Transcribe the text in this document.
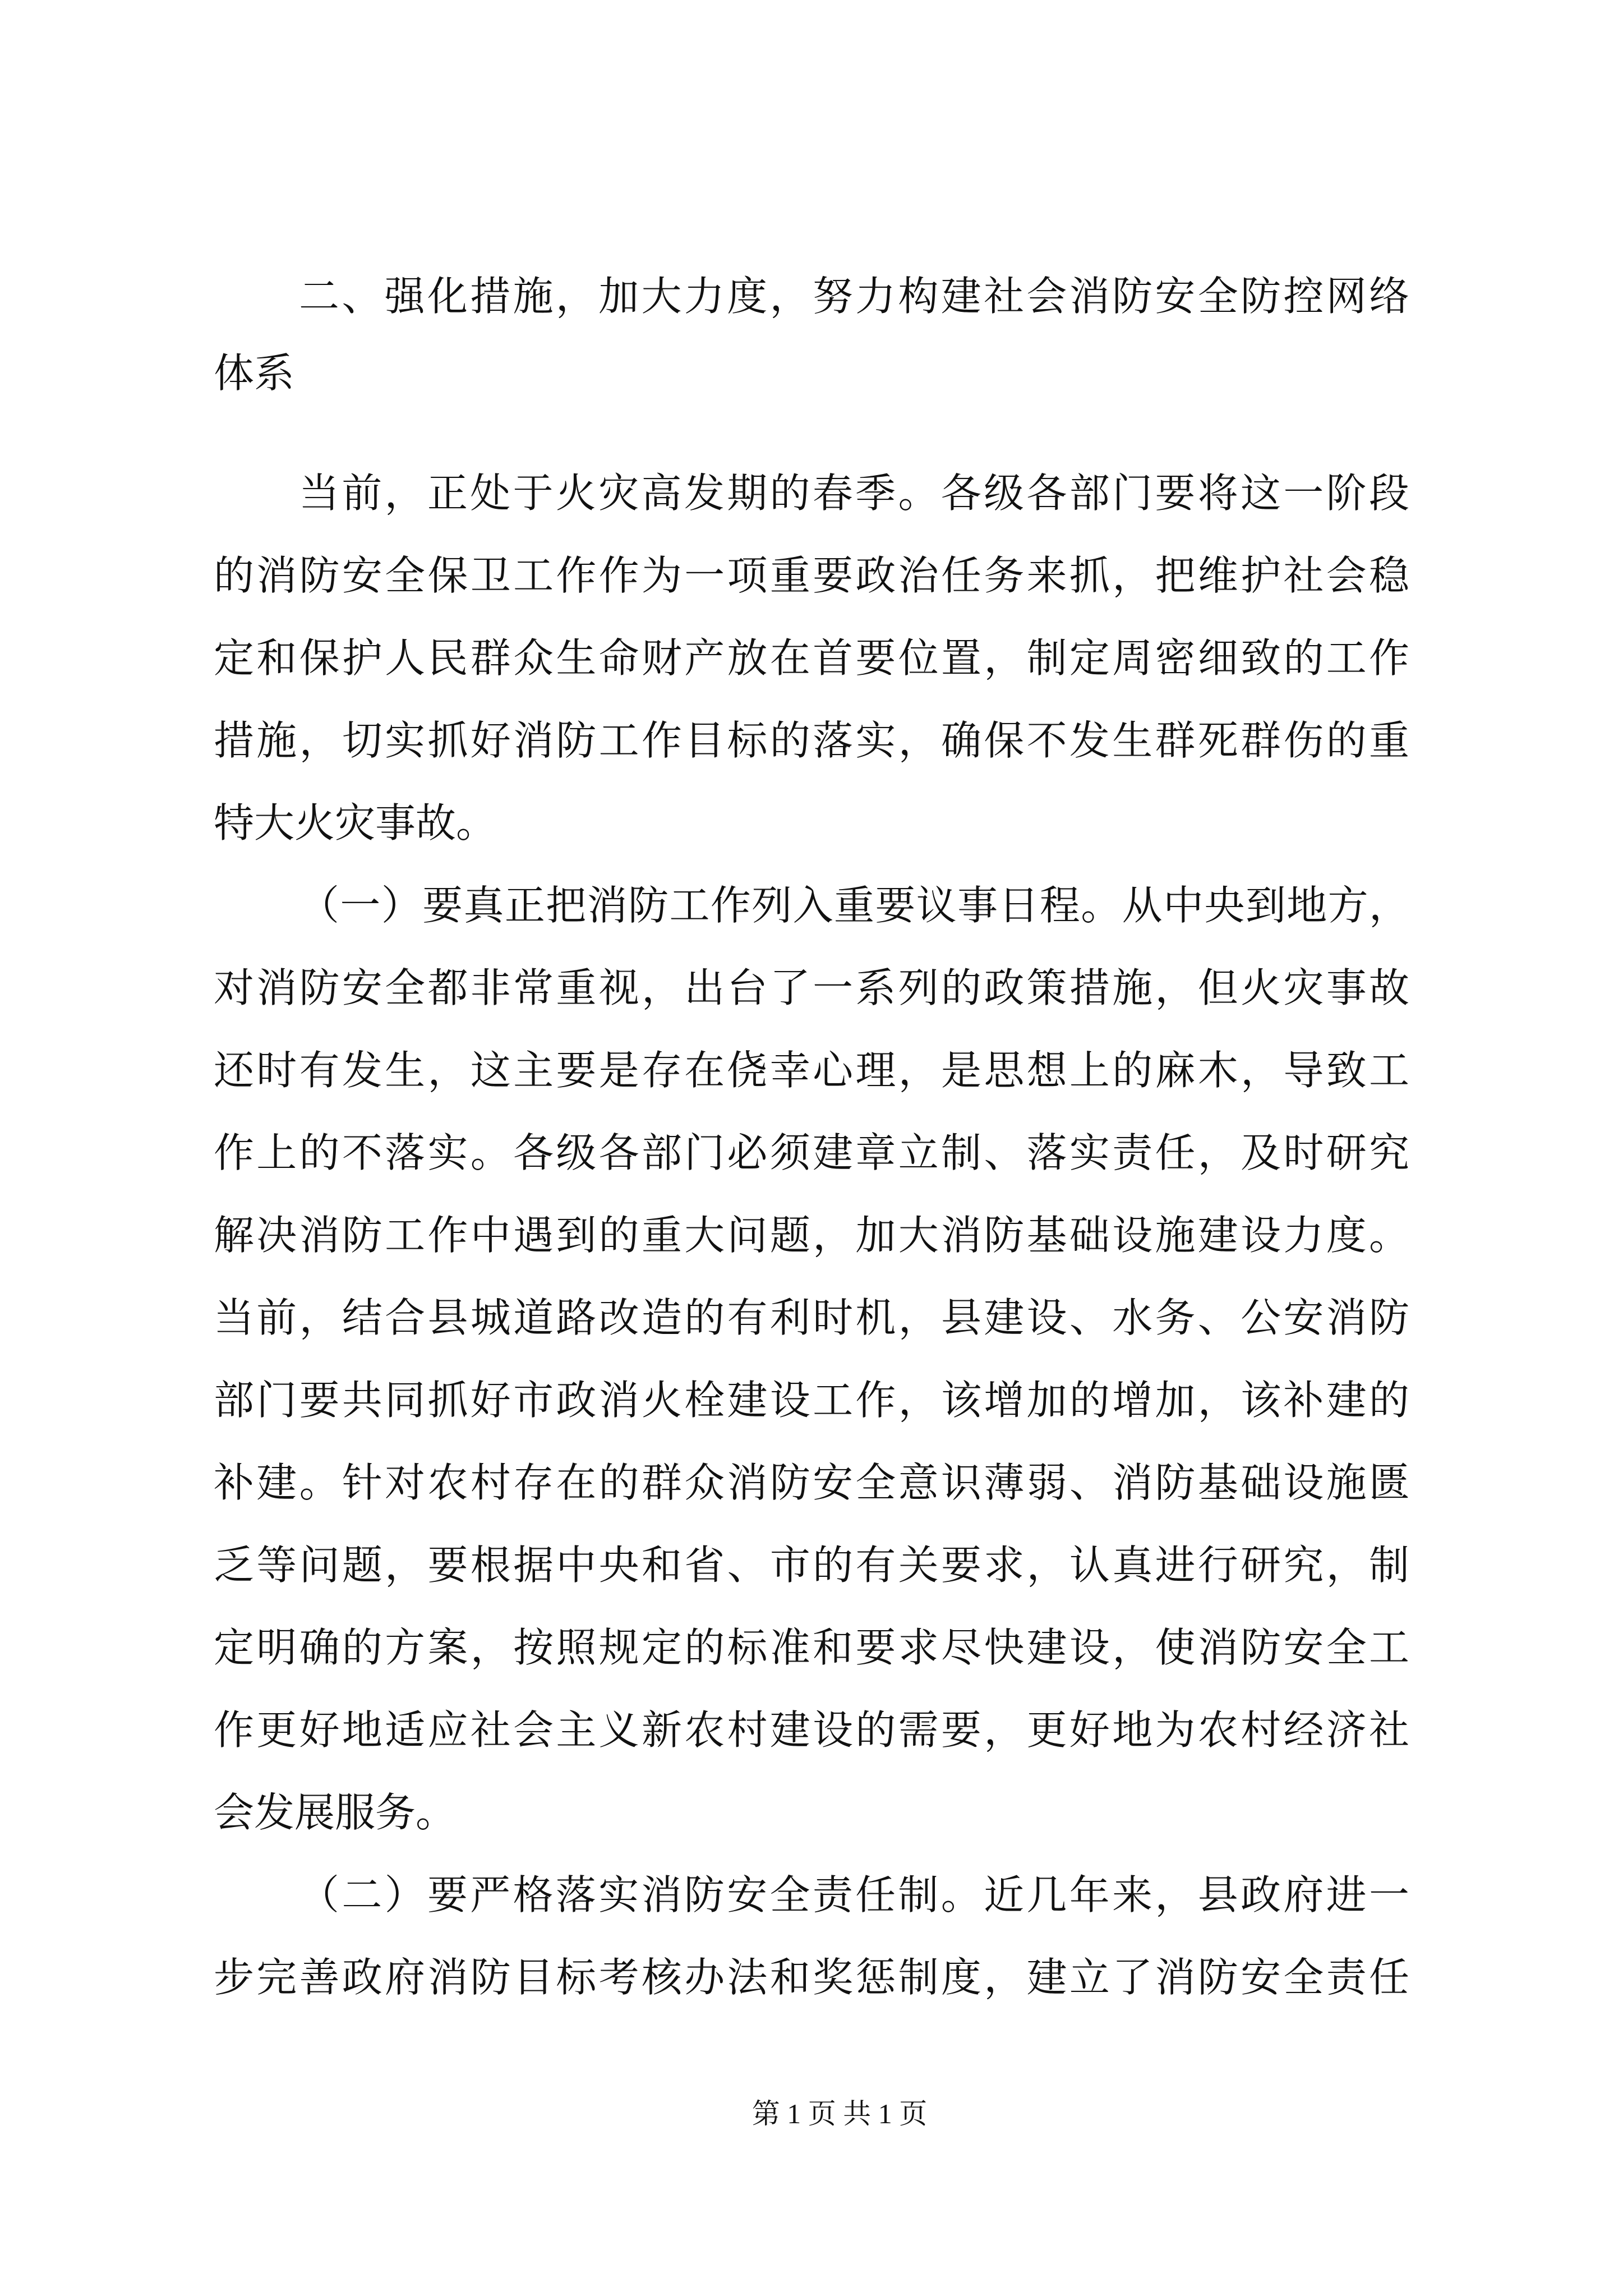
二、强化措施，加大力度，努力构建社会消防安全防控网络
体系
当前，正处于火灾高发期的春季。各级各部门要将这一阶段
的消防安全保卫工作作为一项重要政治任务来抓，把维护社会稳
定和保护人民群众生命财产放在首要位置，制定周密细致的工作
措施，切实抓好消防工作目标的落实，确保不发生群死群伤的重
特大火灾事故。
（一）要真正把消防工作列入重要议事日程。从中央到地方，
对消防安全都非常重视，出台了一系列的政策措施，但火灾事故
还时有发生，这主要是存在侥幸心理，是思想上的麻木，导致工
作上的不落实。各级各部门必须建章立制、落实责任，及时研究
解决消防工作中遇到的重大问题，加大消防基础设施建设力度。
当前，结合县城道路改造的有利时机，县建设、水务、公安消防
部门要共同抓好市政消火栓建设工作，该增加的增加，该补建的
补建。针对农村存在的群众消防安全意识薄弱、消防基础设施匮
乏等问题，要根据中央和省、市的有关要求，认真进行研究，制
定明确的方案，按照规定的标准和要求尽快建设，使消防安全工
作更好地适应社会主义新农村建设的需要，更好地为农村经济社
会发展服务。
（二）要严格落实消防安全责任制。近几年来，县政府进一
步完善政府消防目标考核办法和奖惩制度，建立了消防安全责任
第 1 页 共 1 页
